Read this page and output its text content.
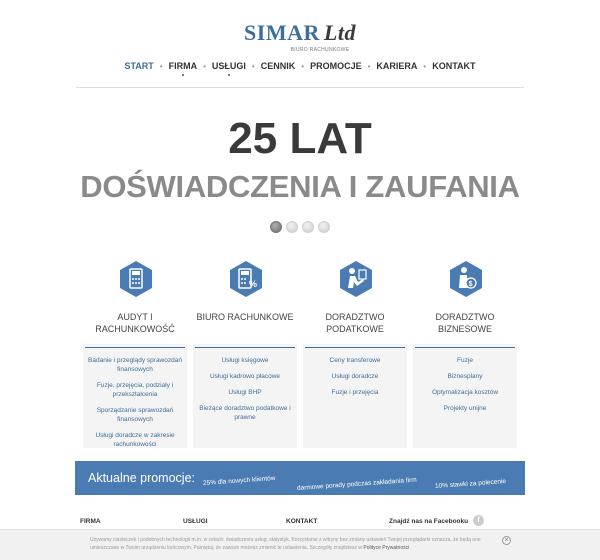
SIMAR Ltd
BIURO RACHUNKOWE
START • FIRMA • USŁUGI • CENNIK • PROMOCJE • KARIERA • KONTAKT
25 LAT
DOŚWIADCZENIA I ZAUFANIA
AUDYT I RACHUNKOWOŚĆ
Badanie i przeglądy sprawozdań finansowych
Fuzje, przejęcia, podziały i przekształcenia
Sporządzanie sprawozdań finansowych
Usługi doradcze w zakresie rachunkowości
%
BIURO RACHUNKOWE
Usługi księgowe
Usługi kadrowo płacowe
Usługi BHP
Bieżące doradztwo podatkowe i prawne
DORADZTWO PODATKOWE
Ceny transferowe
Usługi doradcze
Fuzje i przejęcia
$
DORADZTWO BIZNESOWE
Fuzje
Biznesplany
Optymalizacja kosztów
Projekty unijne
Aktualne promocje: 25% dla nowych klientów	darmowe porady podczas zakładania firm	10% stawki za polecenie
FIRMA	USŁUGI	KONTAKT	Znajdź nas na Facebooku	f
Używamy ciasteczek i podobnych technologii m.in. w celach: świadczenia usług, statystyk. Korzystanie z witryny bez zmiany ustawień Twojej przeglądarki oznacza, że będą one umieszczane w Twoim urządzeniu końcowym. Pamiętaj, że zawsze możesz zmienić te ustawienia. Szczegóły znajdziesz w Polityce Prywatności
×
